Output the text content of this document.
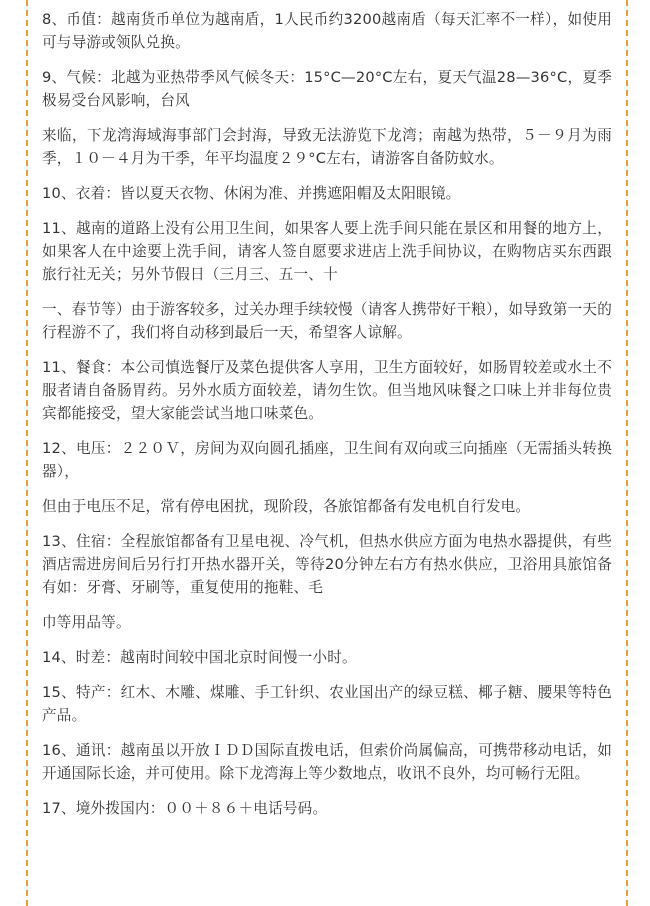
8、币值：越南货币单位为越南盾，1人民币约3200越南盾（每天汇率不一样），如使用可与导游或领队兑换。

9、气候：北越为亚热带季风气候冬天：15°C—20°C左右，夏天气温28—36°C，夏季极易受台风影响，台风

来临，下龙湾海域海事部门会封海，导致无法游览下龙湾；南越为热带，５－９月为雨季，１０－４月为干季，年平均温度２９°C左右，请游客自备防蚊水。

10、衣着：皆以夏天衣物、休闲为准、并携遮阳帽及太阳眼镜。

11、越南的道路上没有公用卫生间，如果客人要上洗手间只能在景区和用餐的地方上，如果客人在中途要上洗手间，请客人签自愿要求进店上洗手间协议，在购物店买东西跟旅行社无关；另外节假日（三月三、五一、十

一、春节等）由于游客较多，过关办理手续较慢（请客人携带好干粮），如导致第一天的行程游不了，我们将自动移到最后一天，希望客人谅解。

11、餐食：本公司慎选餐厅及菜色提供客人享用，卫生方面较好，如肠胃较差或水土不服者请自备肠胃药。另外水质方面较差，请勿生饮。但当地风味餐之口味上并非每位贵宾都能接受，望大家能尝试当地口味菜色。

12、电压：２２０Ｖ，房间为双向圆孔插座，卫生间有双向或三向插座（无需插头转换器），

但由于电压不足，常有停电困扰，现阶段，各旅馆都备有发电机自行发电。

13、住宿：全程旅馆都备有卫星电视、冷气机，但热水供应方面为电热水器提供，有些酒店需进房间后另行打开热水器开关，等待20分钟左右方有热水供应，卫浴用具旅馆备有如：牙膏、牙刷等，重复使用的拖鞋、毛

巾等用品等。

14、时差：越南时间较中国北京时间慢一小时。

15、特产：红木、木雕、煤雕、手工针织、农业国出产的绿豆糕、椰子糖、腰果等特色产品。

16、通讯：越南虽以开放ＩＤＤ国际直拨电话，但索价尚属偏高，可携带移动电话，如开通国际长途，并可使用。除下龙湾海上等少数地点，收讯不良外，均可畅行无阻。

17、境外拨国内：００＋８６＋电话号码。
